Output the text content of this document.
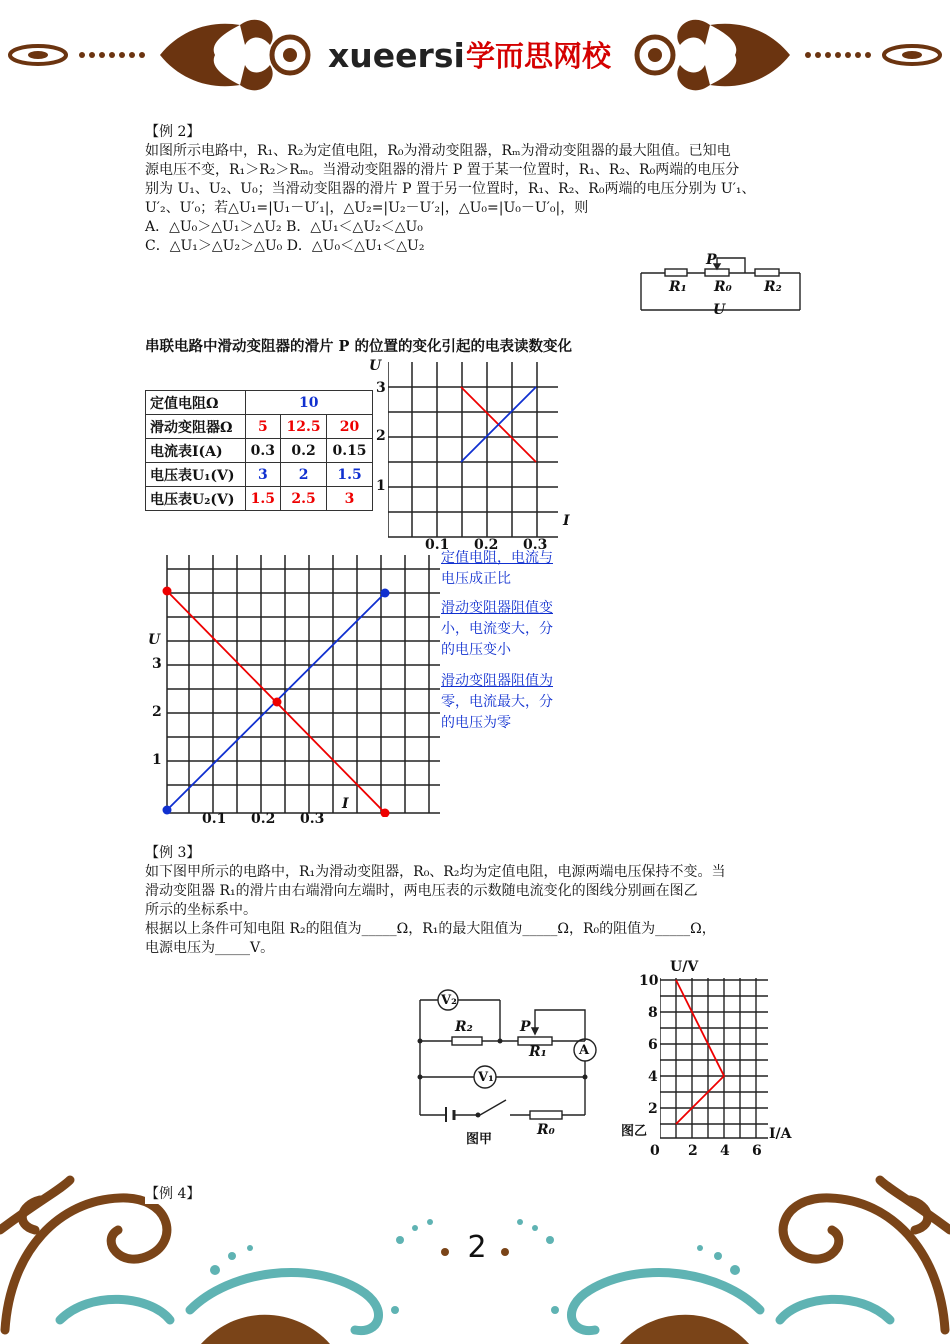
xueersi 学而思网校
【例 2】
如图所示电路中，R₁、R₂为定值电阻，R₀为滑动变阻器，Rₘ为滑动变阻器的最大阻值。已知电
源电压不变，R₁＞R₂＞Rₘ。当滑动变阻器的滑片 P 置于某一位置时，R₁、R₂、R₀两端的电压分
别为 U₁、U₂、U₀；当滑动变阻器的滑片 P 置于另一位置时，R₁、R₂、R₀两端的电压分别为 U′₁、
U′₂、U′₀；若△U₁=|U₁－U′₁|，△U₂=|U₂－U′₂|，△U₀=|U₀－U′₀|，则
A．△U₀＞△U₁＞△U₂ B．△U₁＜△U₂＜△U₀
C．△U₁＞△U₂＞△U₀ D．△U₀＜△U₁＜△U₂
P
R₁ R₀ R₂
U
串联电路中滑动变阻器的滑片 P 的位置的变化引起的电表读数变化
定值电阻Ω	10		
滑动变阻器Ω	5	12.5	20
电流表I(A)	0.3	0.2	0.15
电压表U₁(V)	3	2	1.5
电压表U₂(V)	1.5	2.5	3
U
3
2
1
I
0.1 0.2 0.3
U
3
2
1
I
0.1 0.2 0.3
定值电阻，电流与
电压成正比
滑动变阻器阻值变
小，电流变大，分
的电压变小
滑动变阻器阻值为
零，电流最大，分
的电压为零
【例 3】
如下图甲所示的电路中，R₁为滑动变阻器，R₀、R₂均为定值电阻，电源两端电压保持不变。当
滑动变阻器 R₁的滑片由右端滑向左端时，两电压表的示数随电流变化的图线分别画在图乙
所示的坐标系中。
根据以上条件可知电阻 R₂的阻值为_____Ω，R₁的最大阻值为_____Ω，R₀的阻值为_____Ω，
电源电压为_____V。
V₂
V₁
A
R₂
R₁
P
R₀
图甲
U/V
10
8
6
4
2
0 2 4 6
I/A
图乙
【例 4】
2
